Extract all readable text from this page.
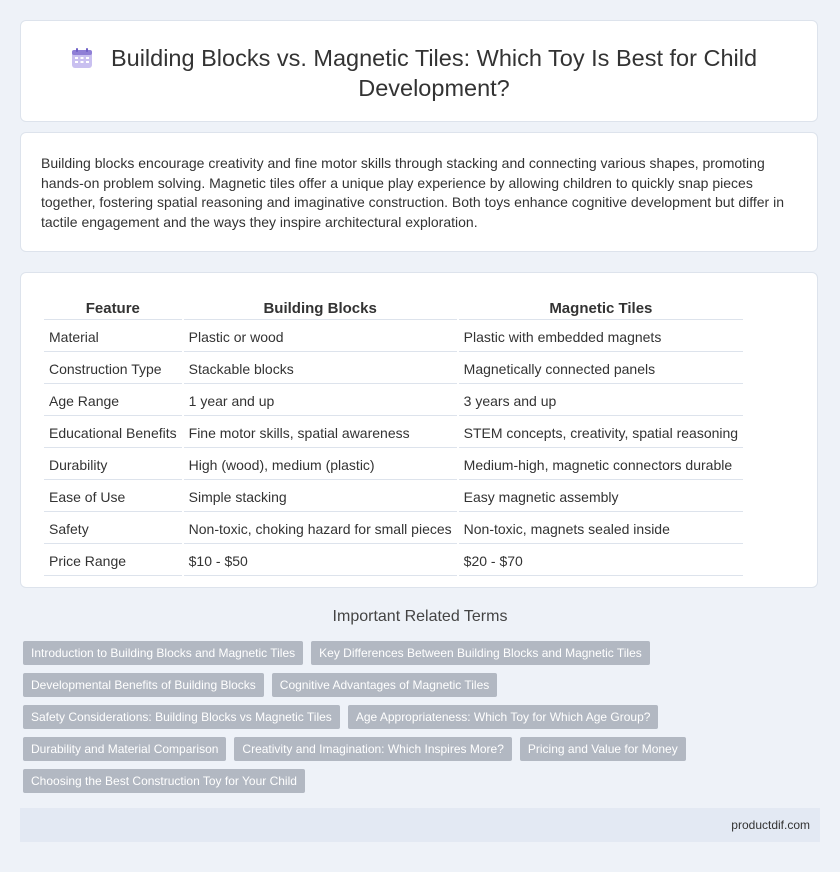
Building Blocks vs. Magnetic Tiles: Which Toy Is Best for Child Development?

Building blocks encourage creativity and fine motor skills through stacking and connecting various shapes, promoting hands-on problem solving. Magnetic tiles offer a unique play experience by allowing children to quickly snap pieces together, fostering spatial reasoning and imaginative construction. Both toys enhance cognitive development but differ in tactile engagement and the ways they inspire architectural exploration.

Feature	Building Blocks	Magnetic Tiles
Material	Plastic or wood	Plastic with embedded magnets
Construction Type	Stackable blocks	Magnetically connected panels
Age Range	1 year and up	3 years and up
Educational Benefits	Fine motor skills, spatial awareness	STEM concepts, creativity, spatial reasoning
Durability	High (wood), medium (plastic)	Medium-high, magnetic connectors durable
Ease of Use	Simple stacking	Easy magnetic assembly
Safety	Non-toxic, choking hazard for small pieces	Non-toxic, magnets sealed inside
Price Range	$10 - $50	$20 - $70
Important Related Terms
Introduction to Building Blocks and Magnetic Tiles	Key Differences Between Building Blocks and Magnetic Tiles
Developmental Benefits of Building Blocks	Cognitive Advantages of Magnetic Tiles
Safety Considerations: Building Blocks vs Magnetic Tiles	Age Appropriateness: Which Toy for Which Age Group?
Durability and Material Comparison	Creativity and Imagination: Which Inspires More?	Pricing and Value for Money
Choosing the Best Construction Toy for Your Child
productdif.com
